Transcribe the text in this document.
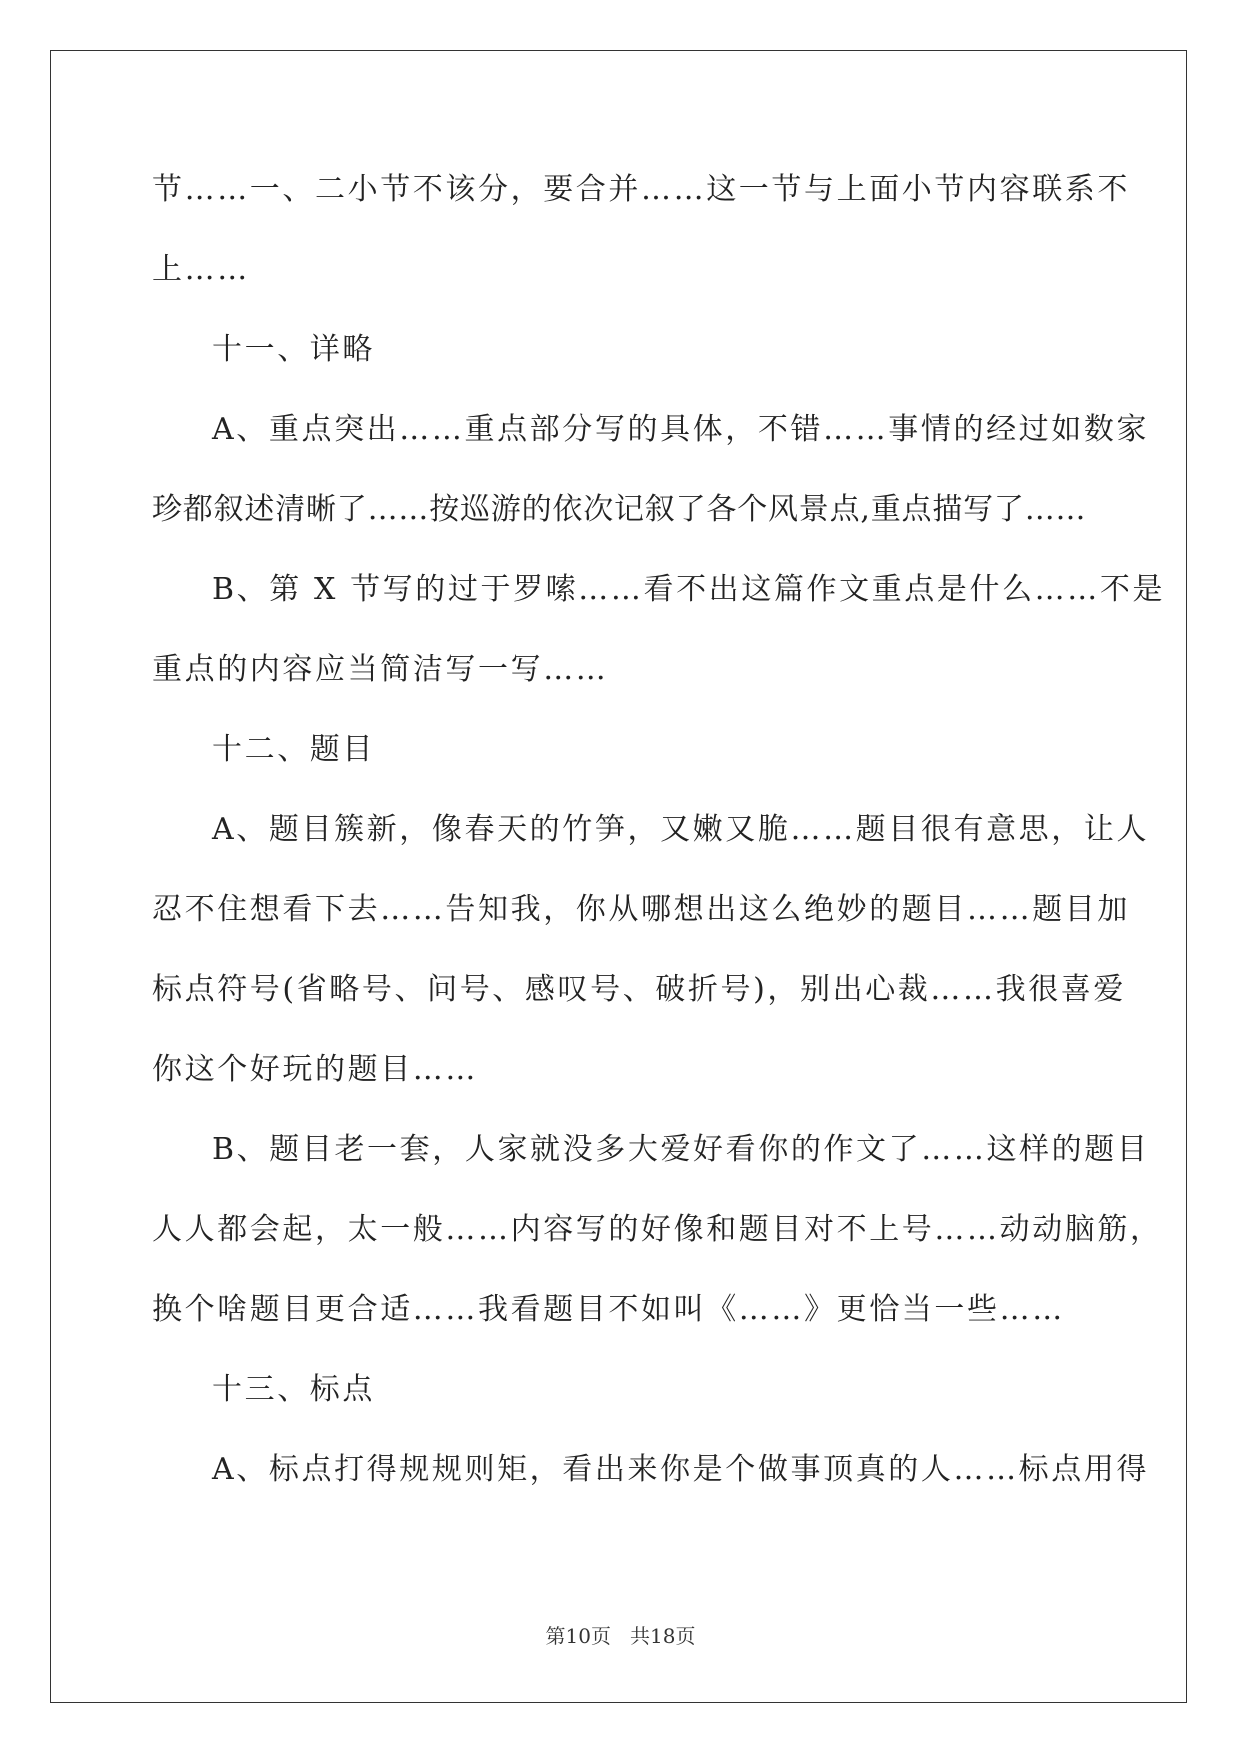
节……一、二小节不该分，要合并……这一节与上面小节内容联系不
上……
十一、详略
A、重点突出……重点部分写的具体，不错……事情的经过如数家
珍都叙述清晰了……按巡游的依次记叙了各个风景点,重点描写了……
B、第 X 节写的过于罗嗦……看不出这篇作文重点是什么……不是
重点的内容应当简洁写一写……
十二、题目
A、题目簇新，像春天的竹笋，又嫩又脆……题目很有意思，让人
忍不住想看下去……告知我，你从哪想出这么绝妙的题目……题目加
标点符号(省略号、问号、感叹号、破折号)，别出心裁……我很喜爱
你这个好玩的题目……
B、题目老一套，人家就没多大爱好看你的作文了……这样的题目
人人都会起，太一般……内容写的好像和题目对不上号……动动脑筋，
换个啥题目更合适……我看题目不如叫《……》更恰当一些……
十三、标点
A、标点打得规规则矩，看出来你是个做事顶真的人……标点用得
第10页   共18页
